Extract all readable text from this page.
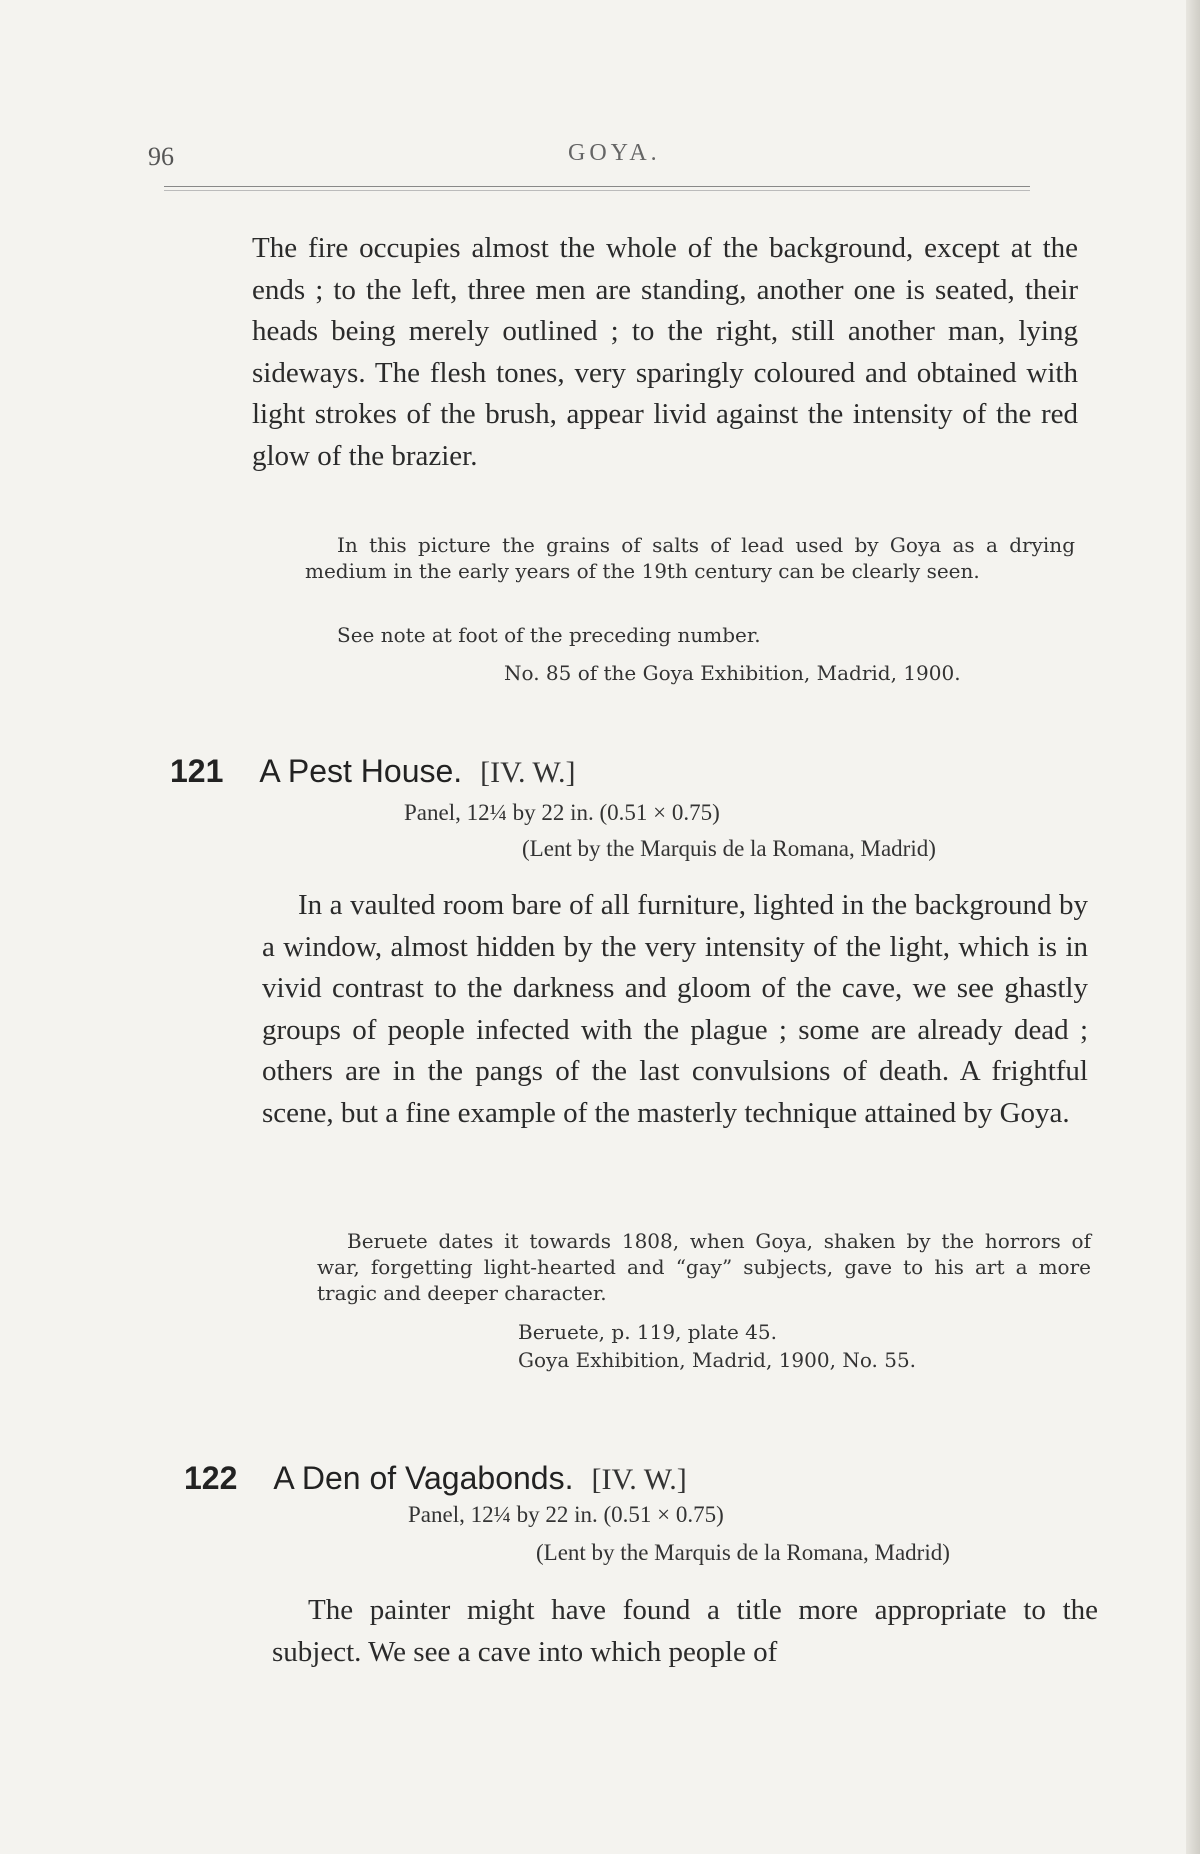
96	GOYA.
The fire occupies almost the whole of the background, except at the ends ; to the left, three men are standing, another one is seated, their heads being merely outlined ; to the right, still another man, lying sideways. The flesh tones, very sparingly coloured and obtained with light strokes of the brush, appear livid against the intensity of the red glow of the brazier.
In this picture the grains of salts of lead used by Goya as a drying medium in the early years of the 19th century can be clearly seen.
See note at foot of the preceding number.
No. 85 of the Goya Exhibition, Madrid, 1900.
121 A Pest House. [IV. W.]
Panel, 12¼ by 22 in. (0.51 × 0.75)
(Lent by the Marquis de la Romana, Madrid)
In a vaulted room bare of all furniture, lighted in the background by a window, almost hidden by the very intensity of the light, which is in vivid contrast to the darkness and gloom of the cave, we see ghastly groups of people infected with the plague ; some are already dead ; others are in the pangs of the last convulsions of death. A frightful scene, but a fine example of the masterly technique attained by Goya.
Beruete dates it towards 1808, when Goya, shaken by the horrors of war, forgetting light-hearted and “gay” subjects, gave to his art a more tragic and deeper character.
Beruete, p. 119, plate 45.
Goya Exhibition, Madrid, 1900, No. 55.
122 A Den of Vagabonds. [IV. W.]
Panel, 12¼ by 22 in. (0.51 × 0.75)
(Lent by the Marquis de la Romana, Madrid)
The painter might have found a title more appropriate to the subject. We see a cave into which people of
